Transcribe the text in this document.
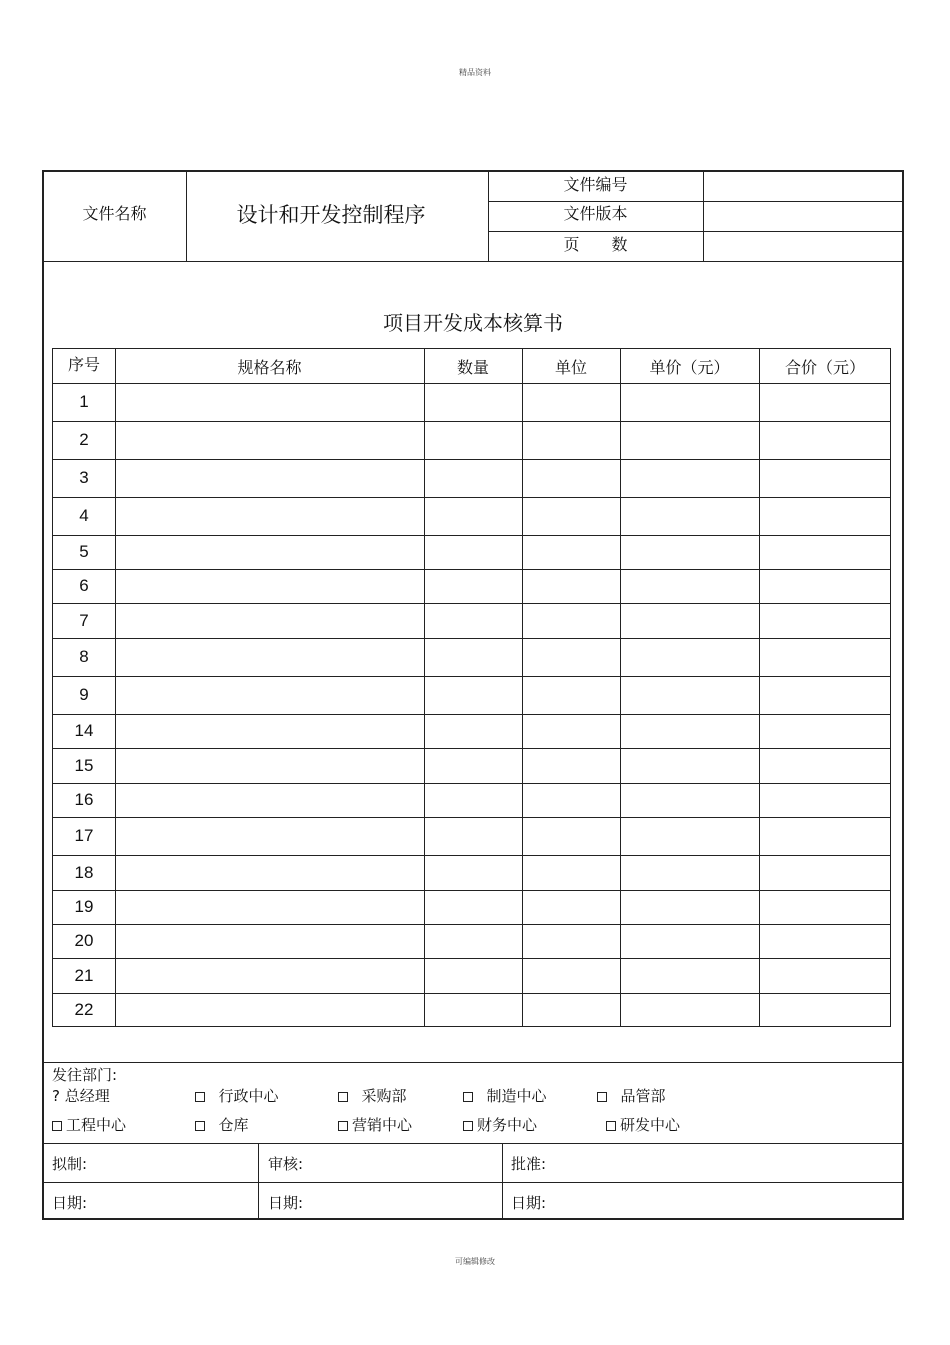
精品资料
可编辑修改
文件名称	设计和开发控制程序
文件编号
文件版本
页　　数
项目开发成本核算书
序号	规格名称	数量	单位	单价（元）	合价（元）
1
2
3
4
5
6
7
8
9
14
15
16
17
18
19
20
21
22
发往部门:
? 总经理	行政中心	采购部	制造中心	品管部
工程中心	仓库	营销中心	财务中心	研发中心
拟制:	审核:	批准:
日期:	日期:	日期:
